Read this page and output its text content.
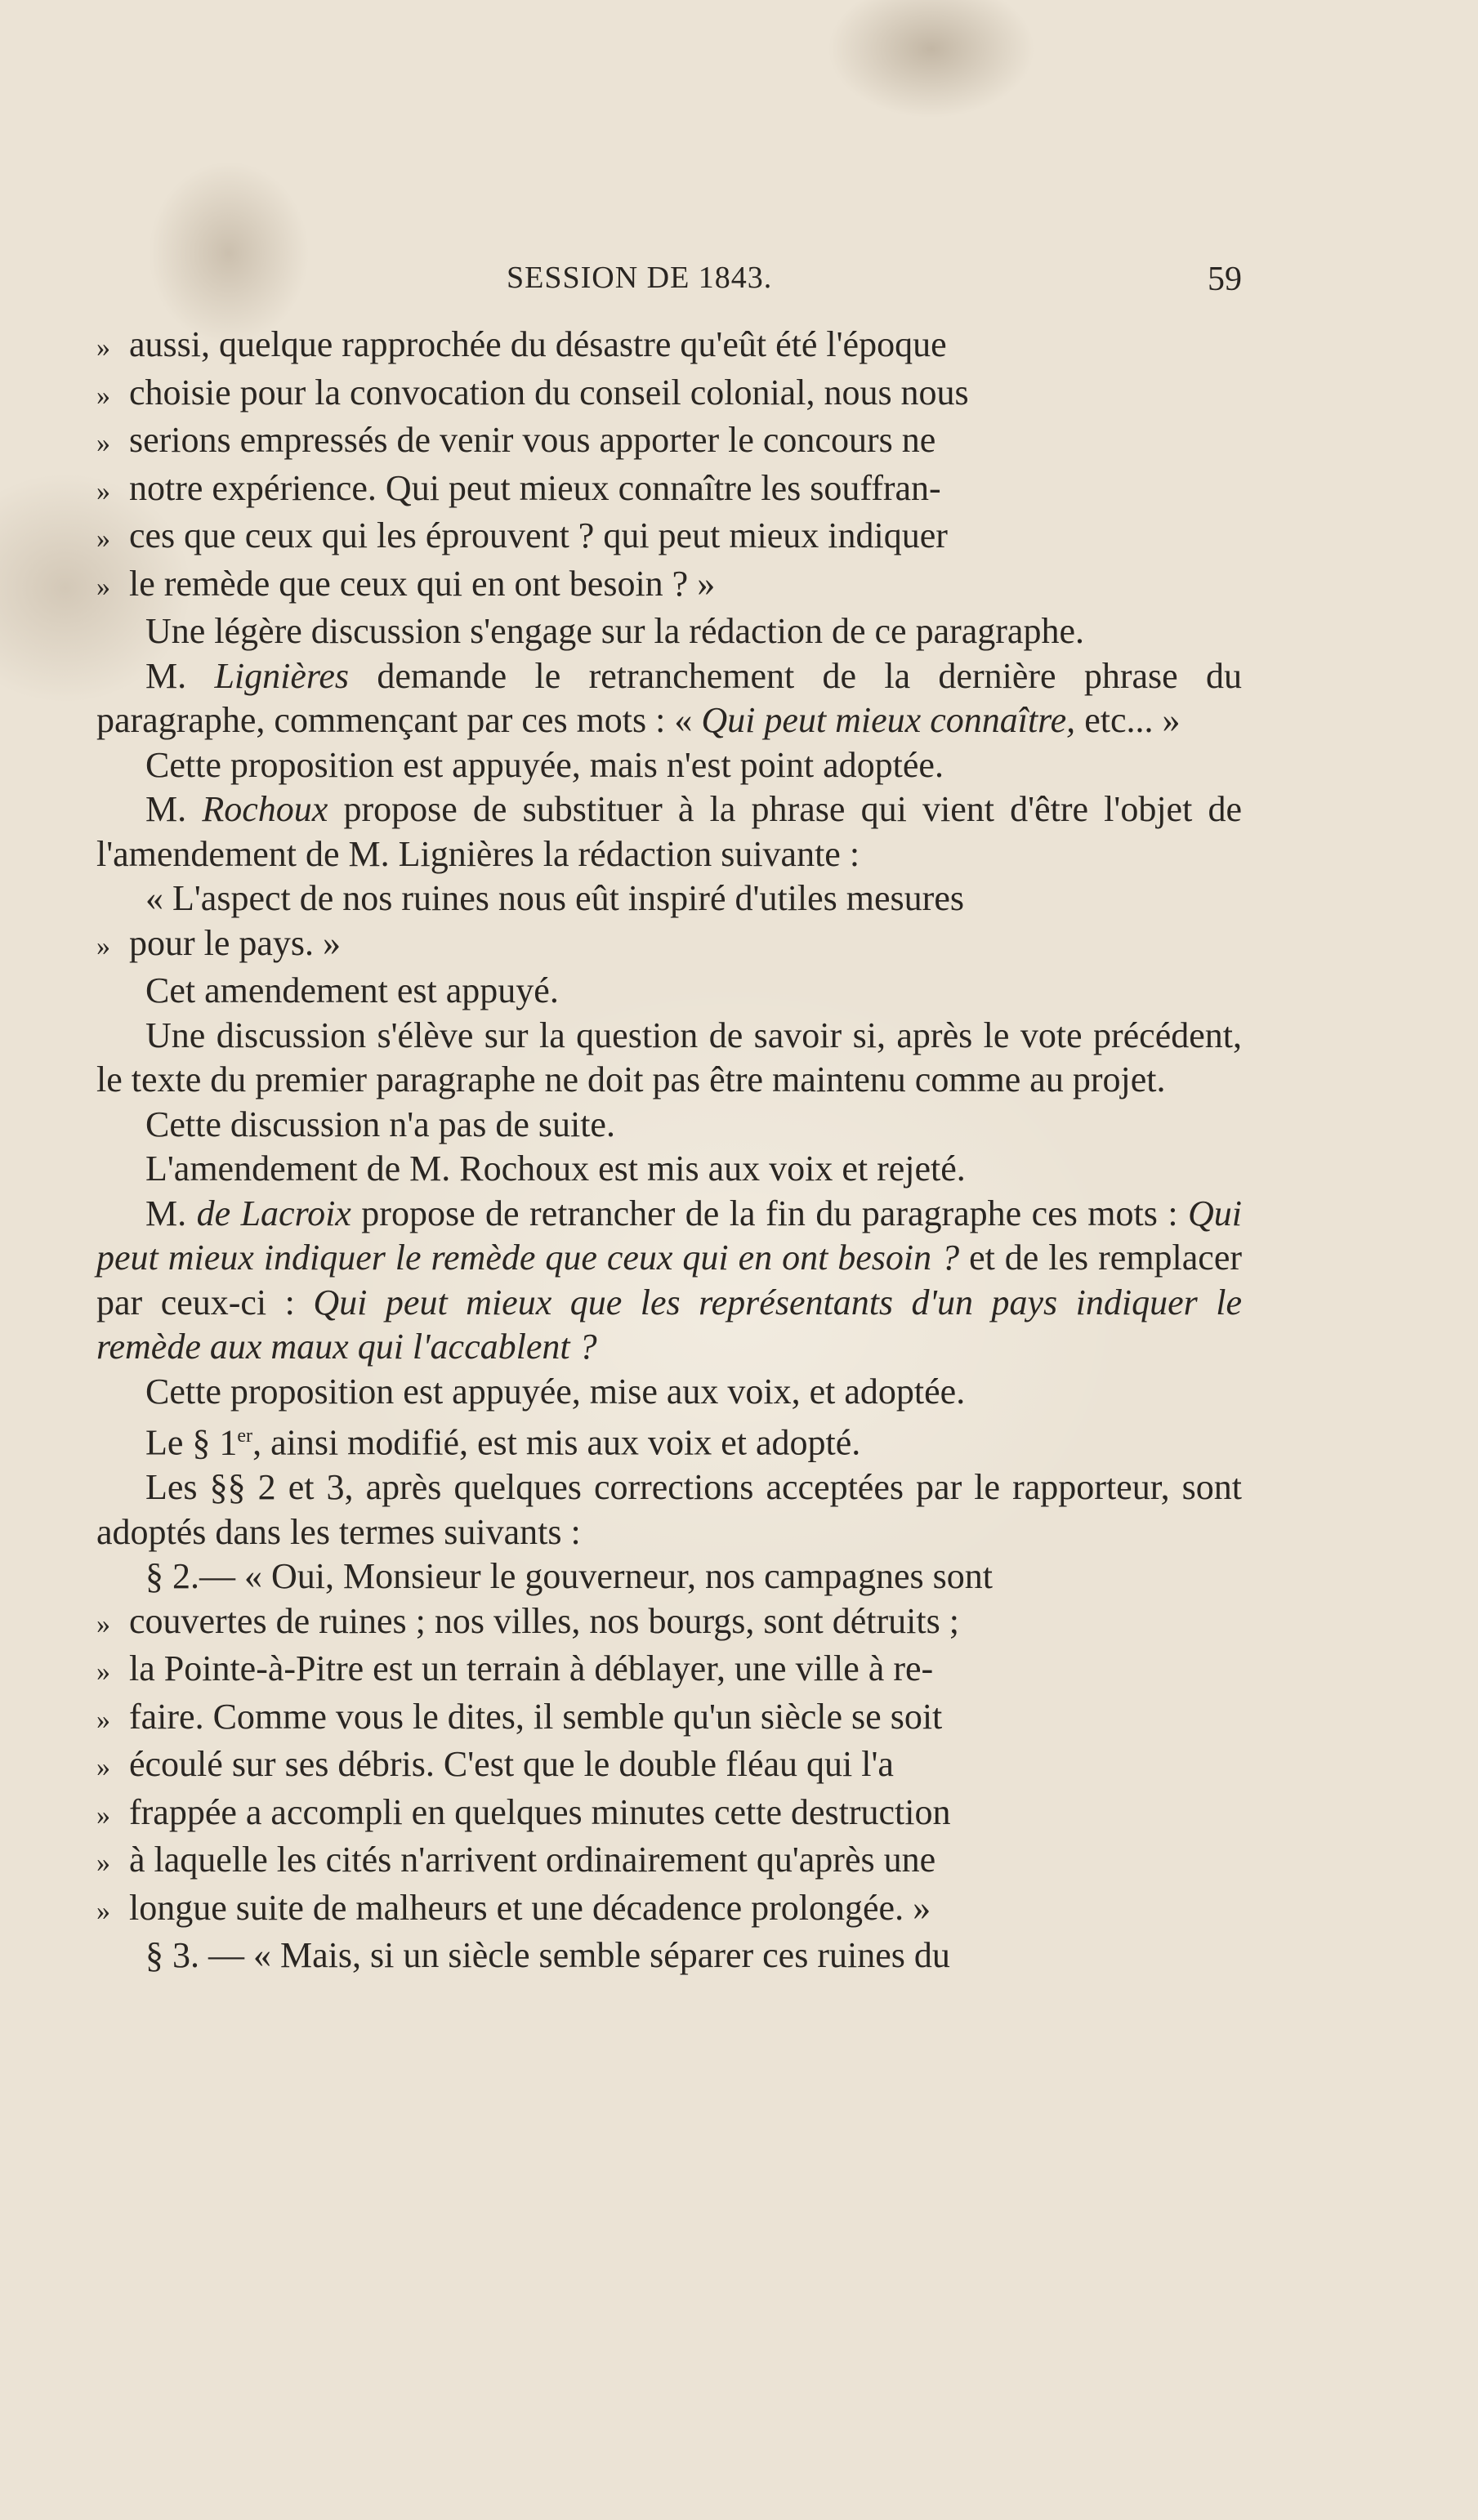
SESSION DE 1843.	59

» aussi, quelque rapprochée du désastre qu'eût été l'époque

» choisie pour la convocation du conseil colonial, nous nous

» serions empressés de venir vous apporter le concours ne

» notre expérience. Qui peut mieux connaître les souffran-

» ces que ceux qui les éprouvent ? qui peut mieux indiquer

» le remède que ceux qui en ont besoin ? »

Une légère discussion s'engage sur la rédaction de ce paragraphe.

M. Lignières demande le retranchement de la dernière phrase du paragraphe, commençant par ces mots : « Qui peut mieux connaître, etc... »

Cette proposition est appuyée, mais n'est point adoptée.

M. Rochoux propose de substituer à la phrase qui vient d'être l'objet de l'amendement de M. Lignières la rédaction suivante :

« L'aspect de nos ruines nous eût inspiré d'utiles mesures

» pour le pays. »

Cet amendement est appuyé.

Une discussion s'élève sur la question de savoir si, après le vote précédent, le texte du premier paragraphe ne doit pas être maintenu comme au projet.

Cette discussion n'a pas de suite.

L'amendement de M. Rochoux est mis aux voix et rejeté.

M. de Lacroix propose de retrancher de la fin du paragraphe ces mots : Qui peut mieux indiquer le remède que ceux qui en ont besoin ? et de les remplacer par ceux-ci : Qui peut mieux que les représentants d'un pays indiquer le remède aux maux qui l'accablent ?

Cette proposition est appuyée, mise aux voix, et adoptée.

Le § 1er, ainsi modifié, est mis aux voix et adopté.

Les §§ 2 et 3, après quelques corrections acceptées par le rapporteur, sont adoptés dans les termes suivants :

§ 2.— « Oui, Monsieur le gouverneur, nos campagnes sont

» couvertes de ruines ; nos villes, nos bourgs, sont détruits ;

» la Pointe-à-Pitre est un terrain à déblayer, une ville à re-

» faire. Comme vous le dites, il semble qu'un siècle se soit

» écoulé sur ses débris. C'est que le double fléau qui l'a

» frappée a accompli en quelques minutes cette destruction

» à laquelle les cités n'arrivent ordinairement qu'après une

» longue suite de malheurs et une décadence prolongée. »

§ 3. — « Mais, si un siècle semble séparer ces ruines du
